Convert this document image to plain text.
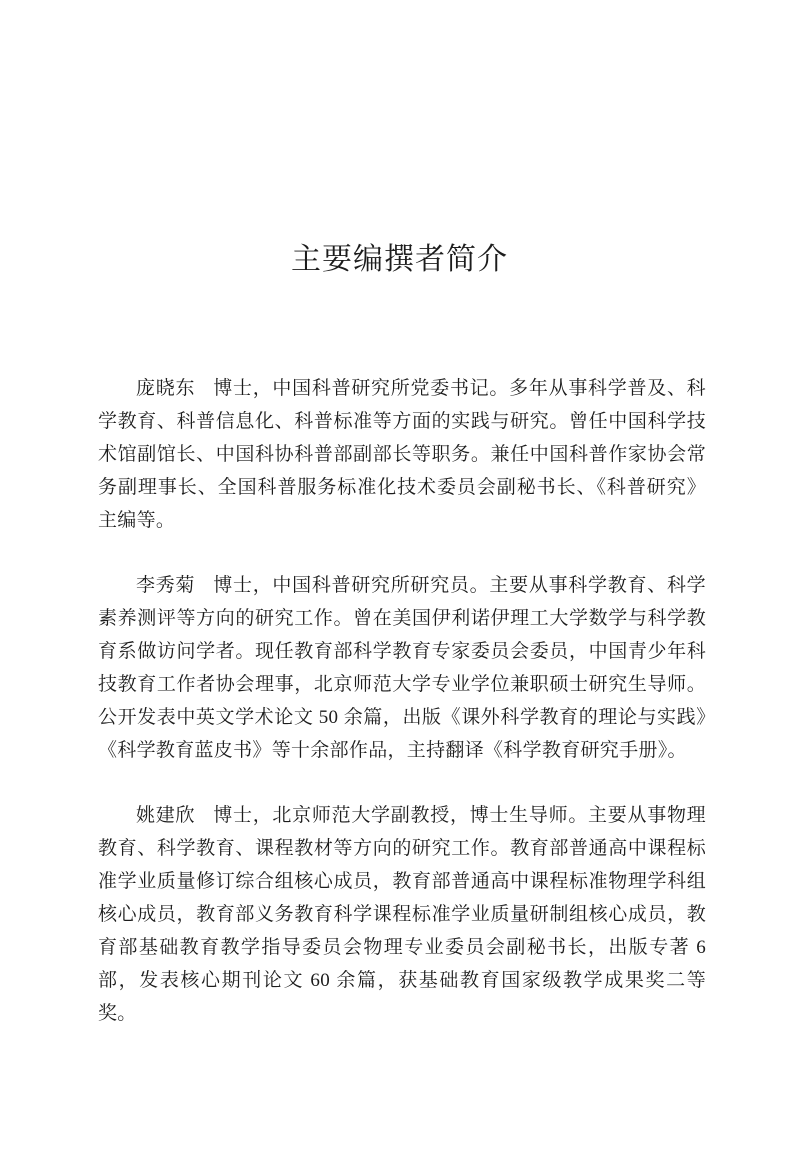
主要编撰者简介

庞晓东 博士，中国科普研究所党委书记。多年从事科学普及、科学教育、科普信息化、科普标准等方面的实践与研究。曾任中国科学技术馆副馆长、中国科协科普部副部长等职务。兼任中国科普作家协会常务副理事长、全国科普服务标准化技术委员会副秘书长、《科普研究》主编等。

李秀菊 博士，中国科普研究所研究员。主要从事科学教育、科学素养测评等方向的研究工作。曾在美国伊利诺伊理工大学数学与科学教育系做访问学者。现任教育部科学教育专家委员会委员，中国青少年科技教育工作者协会理事，北京师范大学专业学位兼职硕士研究生导师。公开发表中英文学术论文 50 余篇，出版《课外科学教育的理论与实践》《科学教育蓝皮书》等十余部作品，主持翻译《科学教育研究手册》。

姚建欣 博士，北京师范大学副教授，博士生导师。主要从事物理教育、科学教育、课程教材等方向的研究工作。教育部普通高中课程标准学业质量修订综合组核心成员，教育部普通高中课程标准物理学科组核心成员，教育部义务教育科学课程标准学业质量研制组核心成员，教育部基础教育教学指导委员会物理专业委员会副秘书长，出版专著 6 部，发表核心期刊论文 60 余篇，获基础教育国家级教学成果奖二等奖。
